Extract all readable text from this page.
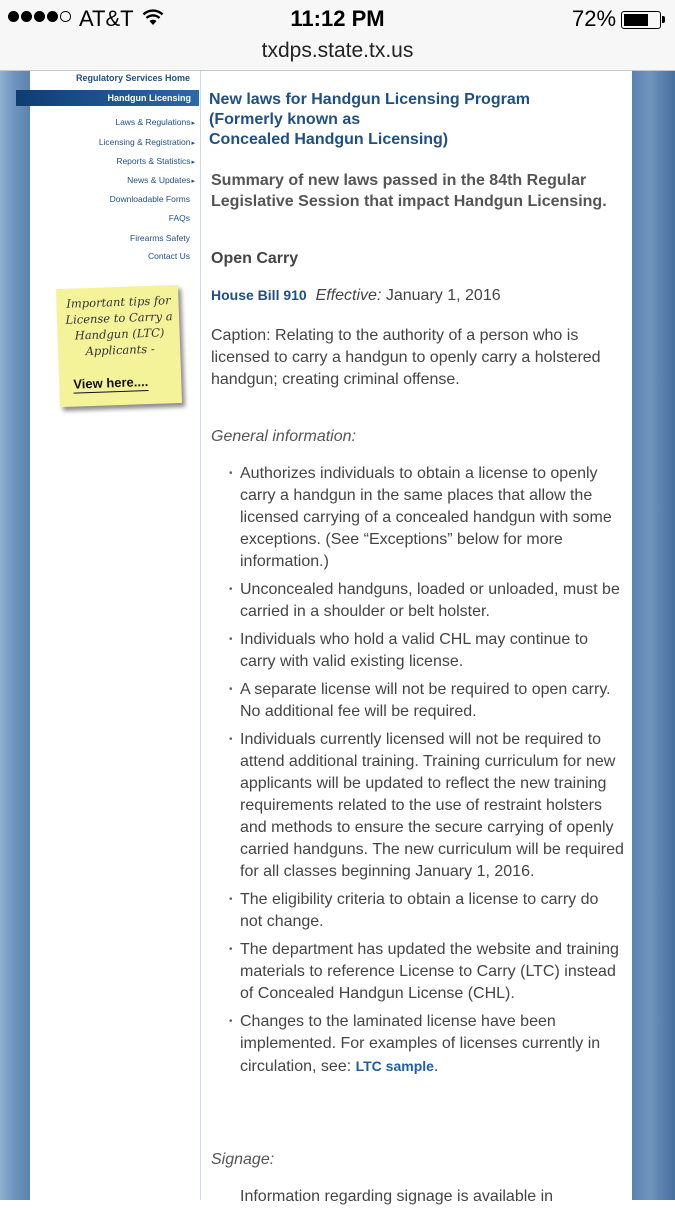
AT&T	11:12 PM	72%
txdps.state.tx.us
Regulatory Services Home
Handgun Licensing
Laws & Regulations▸
Licensing & Registration▸
Reports & Statistics▸
News & Updates▸
Downloadable Forms
FAQs
Firearms Safety
Contact Us
Important tips for License to Carry a Handgun (LTC) Applicants -
View here....
New laws for Handgun Licensing Program
(Formerly known as
Concealed Handgun Licensing)
Summary of new laws passed in the 84th Regular Legislative Session that impact Handgun Licensing.
Open Carry
House Bill 910 Effective: January 1, 2016
Caption: Relating to the authority of a person who is licensed to carry a handgun to openly carry a holstered handgun; creating criminal offense.
General information:
• Authorizes individuals to obtain a license to openly carry a handgun in the same places that allow the licensed carrying of a concealed handgun with some exceptions. (See “Exceptions” below for more information.)
• Unconcealed handguns, loaded or unloaded, must be carried in a shoulder or belt holster.
• Individuals who hold a valid CHL may continue to carry with valid existing license.
• A separate license will not be required to open carry. No additional fee will be required.
• Individuals currently licensed will not be required to attend additional training. Training curriculum for new applicants will be updated to reflect the new training requirements related to the use of restraint holsters and methods to ensure the secure carrying of openly carried handguns. The new curriculum will be required for all classes beginning January 1, 2016.
• The eligibility criteria to obtain a license to carry do not change.
• The department has updated the website and training materials to reference License to Carry (LTC) instead of Concealed Handgun License (CHL).
• Changes to the laminated license have been implemented. For examples of licenses currently in circulation, see: LTC sample.
Signage:
Information regarding signage is available in
